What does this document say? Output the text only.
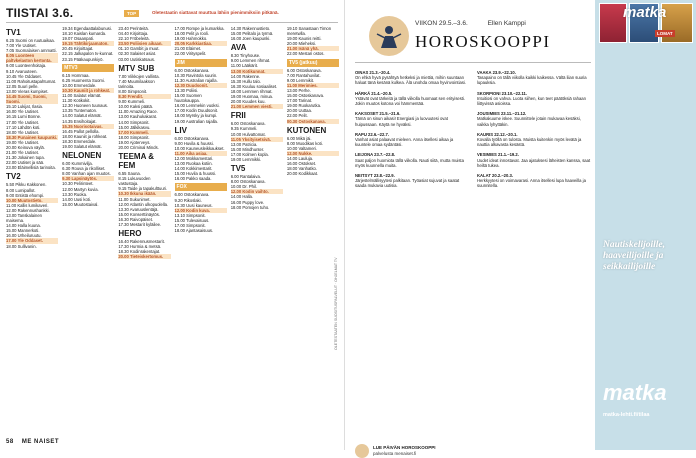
TIISTAI 3.6.	TOP	Oletestaatin siattavat muuttua lähiin pienimmiksiin pitkänä.
TV1
6.25 Suomi on ruutuaikaa.
7.00 Yle Uutiset.
7.05 Suomalaisen ammatti.
8.05 Luonteen paltvkelaston kertonta.
9.00 Luonteenhoitaja.
9.10 Avaruuteen.
10.45 Yle Oddaset.
11.00 Rahoitustapahtumat.
12.05 Suuri pelle.
13.00 Vieras kumpiset.
14.45 Suomi, Suomi, Suomi.
15.10 Lukijat, Ilasia.
16.00 Yle Uutiset.
16.15 Lumi Bonne.
17.00 Yle Uutiset.
17.10 Lähdön koti.
18.00 Yle Uutiset.
18.30 Punainen kaupunki.
19.00 Yle Uutiset.
20.00 Keinuva väylä.
21.00 Yle Uutiset.
21.30 Jokainen tupa.
22.00 Uutiset ja sää.
23.00 Eläimellisiä tarinoita.
TV2
5.50 Pikku Kakkonen.
8.00 Lumipallot.
9.00 Entistä ehompi.
10.00 Muutostieto.
11.00 Kallis lumikaveri.
12.00 Rakennushankki.
13.00 Tanskalainen maisema.
14.00 Halla kuuna.
15.00 Mannerkoti.
16.00 Urheiluruutu.
17.00 Yle Oddaset.
18.00 Sullivanin.
19.34 Egendaattalabunusi.
18.10 Kaislan kumarda.
19.07 Osaanpati.
19.15 Tähtikirjaamaton.
20.45 Kirjoittajat.
22.15 Jalkapalon tv-kunnat.
23.15 Pääkaupunkiyö.
MTV3
6.15 Hommaa.
6.25 Huomenta Suomi.
10.00 Emmerdale.
10.30 Kauniit ja rohkeat.
11.00 Salatut elämät.
11.30 Kotikokit.
12.30 Huoneen tuunaus.
13.35 Tuntematon.
14.00 Salatut elämät.
14.35 Ensihoitajat.
15.35 Nuorisotaivas.
16.45 Pallot pellolla.
18.00 Kauniit ja rohkeat.
18.30 Emmerdale.
19.00 Salatut elämät.
NELONEN
6.00 Kummivilja.
6.30 Rouva ja rikolliset.
8.00 Vanhan ajan muutos.
9.30 Lapsinäytös.
10.30 Pelirinteet.
12.00 Martyn kuvia.
13.30 Ruoka.
14.00 Uusi koti.
15.00 Muutostaival.
23.40 Perinteitä.
04.40 Kirjoittaja.
22.10 Fröbeleitä.
23.50 Poliisien aikaan.
01.10 Gambit ja muut.
02.30 Salaiset asiat.
03.00 Uutiskatsaus.
MTV SUB
7.00 Viikkojen vallinta.
7.40 Muumilaakson tarinoita.
8.00 Simpsonit.
8.30 Frendit.
9.00 Kummeli.
10.00 Kaksi päätä.
11.00 Amazing Race.
13.00 Kauhukakarat.
14.00 Simpsonit.
15.00 Jälkikasvu.
17.00 Kummeli.
18.00 Simpsonit.
19.00 Ajoterveys.
20.00 Criminal Minds.
TEEMA & FEM
6.55 Sauna.
8.15 Lukuvuoden vastustaja.
9.15 Taide ja tapakulttuuri.
10.30 Ikkuna ikään.
11.00 Sukunimet.
12.00 Atlantin ulkopuolella.
13.30 Avaruuslentäjä.
15.00 Konserttinäytös.
16.30 Raivopäiset.
17.30 Mestarit kyläilee.
HERO
16.40 Rakennusmestarit.
17.30 Hurmia & metsä.
18.30 Kodinrakentajat.
20.00 Tieteiskertomus.
17.00 Rompe ja kumarkka.
18.00 Pelit ja rooli.
19.00 Hahmokko.
20.05 Karkkiastiaa.
21.00 Eläimet.
22.00 Virityspelit.
JIM
6.00 Ostoskanava.
10.30 Ravintola suurin.
11.30 Australian rajalla.
12.30 Duudsonit.
13.30 Poliisi.
15.00 Suomen huutokauppa.
16.00 Lemmekin vuoksi.
17.00 Kodin Duudsonit.
18.00 Myrsky ja kumpi.
19.00 Australian rajalla.
LIV
6.00 Ostoskanava.
9.00 Huvila & huussi.
10.00 Kauneusleikkaukset.
11.00 Aika asiaa.
12.00 Mokkamestari.
13.00 Ruokaa kotiin.
14.00 Kokkimestarit.
15.00 Huvila & huussi.
16.00 Pakko saada.
FOX
6.00 Ostoskanava.
9.20 Rikoslaki.
10.30 Uusi kauneus.
12.00 Kodin kuva.
13.10 Simpsonit.
15.00 Tulevaisuus.
17.00 Simpsonit.
18.00 Ajantasaisuus.
14.30 Rakennustieto.
15.00 Pelitalo ja tyrmä.
16.00 Joen kaupunki.
AVA
8.30 Tinyhouse.
9.00 Lemmen rihmat.
11.00 Lääkärit.
13.00 Kotikunnat.
14.00 Rakenne.
15.30 Hullu talo.
16.30 Kuuluu sosiaaliset.
18.00 Lemmen rihmat.
19.00 Huomaa, minua.
20.00 Kuudes kuu.
21.00 Lemmen viesti.
FRII
6.00 Ostoskanava.
9.35 Kummeli.
10.00 Hulvattomat.
11.05 Yksityisetsivä.
13.00 Patricia.
15.00 Mindhunter.
17.00 Kolmen kopla.
19.00 Lemmikki.
TV5
6.00 Rantalaiva.
8.00 Ostoskanava.
10.00 Dr. Phil.
12.00 Kodin vaihto.
14.00 Halla.
16.00 Puppy love.
18.00 Pomojen tuho.
19.10 Sanastaan Timon meretwlla.
19.00 Kaunis reitti.
20.00 Mieheksi.
21.00 Isänä yhä.
22.00 Mestari ostos.
TV5 (jatkuu)
6.00 Ostoskanava.
7.00 Rantahuvilat.
9.00 Lemmikit.
11.00 Merimies.
13.00 Perhe.
15.00 Ostoskanava.
17.00 Tarinat.
19.00 Ruokarutka.
20.00 Uuttaa.
22.00 Pelit.
00.30 Ostoskanava.
KUTONEN
6.00 Mikä jäi.
8.00 Muodikas koti.
10.00 Valtameri.
12.00 Nukke.
14.00 Lauluja.
16.00 Ostokset.
18.00 Vanhatko.
20.00 Kodikkaat.
OLETESTAATEN SUOSITUSPALVELUT · OHJELMAT TV
58 ME NAISET
VIIKON 29.5.–3.6.	Ellen Kamppi
HOROSKOOPPI
OINAS 21.3.–20.4.
On ehkä hyvä pysähtyä hetkeksi ja miettiä, mihin suuntaan haluat tänä kesänä kulkea. Älä unohda omaa hyvinvointiasi.
HÄRKÄ 21.4.–20.5.
Ystävät ovat tärkeitä ja tällä viikolla huomaat sen erityisesti. Jokin muutos kotona voi hämmentää.
KAKSOSET 21.5.–21.6.
Tämä on sinun aikasi! Energiasi ja luovuutesi ovat huipussaan. Käytä ne hyväksi.
RAPU 22.6.–22.7.
Vanhat asiat palaavat mieleen. Anna itsellesi aikaa ja kuuntele omaa sydäntäsi.
LEIJONA 23.7.–22.8.
Saat paljon huomiota tällä viikolla. Nauti siitä, mutta muista myös kuunnella muita.
NEITSYT 23.8.–22.9.
Järjestelmällisyytesi palkitaan. Työasiat sujuvat ja saatat saada mukavia uutisia.
VAAKA 23.9.–22.10.
Tasapaino on tällä viikolla kaikki kaikessa. Vältä liian suuria lupauksia.
SKORPIONI 23.10.–22.11.
Intuitiosi on vahva. Luota siihen, kun teet päätöksiä rahaan liittyvissä asioissa.
JOUSIMIES 23.11.–21.12.
Matkakuume iskee. Suunnittele jotain mukavaa kesäksi, vaikka lyhyttäkin.
KAURIS 22.12.–20.1.
Kovalla työllä on tulosta. Muista kuitenkin myös levätä ja nauttia alkavasta kesästä.
VESIMIES 21.1.–19.2.
Uudet ideat innostavat. Jaa ajatuksesi läheisten kanssa, saat heiltä tukea.
KALAT 20.2.–20.3.
Herkkyytesi on voimavarasi. Anna itsellesi lupa haaveilla ja suunnitella.
LUE PÄIVÄN HOROSKOOPPI
palvelusta menaiset.fi
matka
LOMAT
Nautiskelijoille, haaveilijoille ja seikkailijoille
matka
matka-lehti.fi/tilaa
